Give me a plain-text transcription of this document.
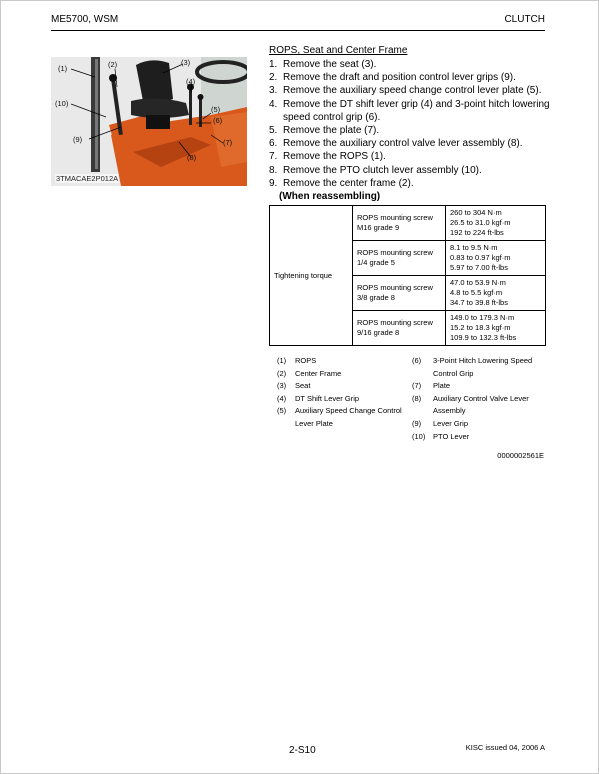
ME5700, WSM	CLUTCH
(1)	(2)	(3)
(4)
(5)
(6)
(7)
(8)
(9)
(10)
3TMACAE2P012A
ROPS, Seat and Center Frame
1. Remove the seat (3).
2. Remove the draft and position control lever grips (9).
3. Remove the auxiliary speed change control lever plate (5).
4. Remove the DT shift lever grip (4) and 3-point hitch lowering speed control grip (6).
5. Remove the plate (7).
6. Remove the auxiliary control valve lever assembly (8).
7. Remove the ROPS (1).
8. Remove the PTO clutch lever assembly (10).
9. Remove the center frame (2).
(When reassembling)
Tightening torque	ROPS mounting screw
M16 grade 9	260 to 304 N·m
26.5 to 31.0 kgf·m
192 to 224 ft-lbs

	ROPS mounting screw
1/4 grade 5	8.1 to 9.5 N·m
0.83 to 0.97 kgf·m
5.97 to 7.00 ft-lbs

	ROPS mounting screw
3/8 grade 8	47.0 to 53.9 N·m
4.8 to 5.5 kgf·m
34.7 to 39.8 ft-lbs

	ROPS mounting screw
9/16 grade 8	149.0 to 179.3 N·m
15.2 to 18.3 kgf·m
109.9 to 132.3 ft-lbs
(1)	ROPS
(2)	Center Frame
(3)	Seat
(4)	DT Shift Lever Grip
(5)	Auxiliary Speed Change Control Lever Plate
(6)	3-Point Hitch Lowering Speed Control Grip
(7)	Plate
(8)	Auxiliary Control Valve Lever Assembly
(9)	Lever Grip
(10)	PTO Lever
0000002561E
2-S10	KISC issued 04, 2006 A
